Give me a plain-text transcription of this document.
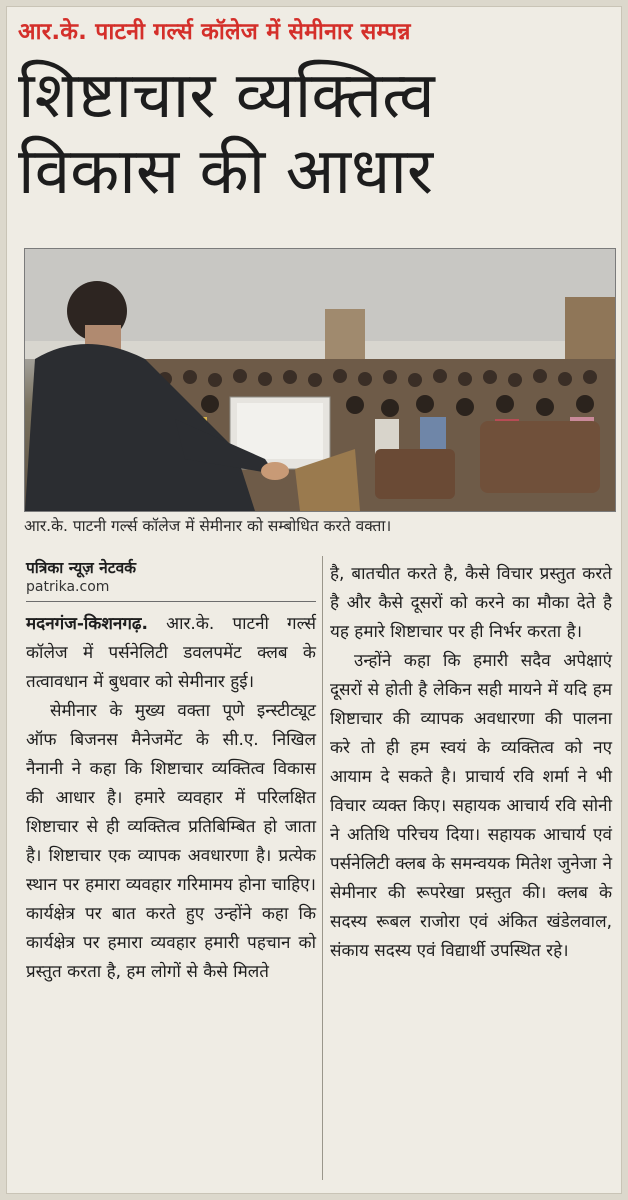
आर.के. पाटनी गर्ल्स कॉलेज में सेमीनार सम्पन्न
शिष्टाचार व्यक्तित्व
विकास की आधार
आर.के. पाटनी गर्ल्स कॉलेज में सेमीनार को सम्बोधित करते वक्ता।
पत्रिका न्यूज़ नेटवर्क
patrika.com
मदनगंज-किशनगढ़. आर.के. पाटनी गर्ल्स कॉलेज में पर्सनेलिटी डवलपमेंट क्लब के तत्वावधान में बुधवार को सेमीनार हुई।
सेमीनार के मुख्य वक्ता पूणे इन्स्टीट्यूट ऑफ बिजनस मैनेजमेंट के सी.ए. निखिल नैनानी ने कहा कि शिष्टाचार व्यक्तित्व विकास की आधार है। हमारे व्यवहार में परिलक्षित शिष्टाचार से ही व्यक्तित्व प्रतिबिम्बित हो जाता है। शिष्टाचार एक व्यापक अवधारणा है। प्रत्येक स्थान पर हमारा व्यवहार गरिमामय होना चाहिए। कार्यक्षेत्र पर बात करते हुए उन्होंने कहा कि कार्यक्षेत्र पर हमारा व्यवहार हमारी पहचान को प्रस्तुत करता है, हम लोगों से कैसे मिलते
है, बातचीत करते है, कैसे विचार प्रस्तुत करते है और कैसे दूसरों को करने का मौका देते है यह हमारे शिष्टाचार पर ही निर्भर करता है।
उन्होंने कहा कि हमारी सदैव अपेक्षाएं दूसरों से होती है लेकिन सही मायने में यदि हम शिष्टाचार की व्यापक अवधारणा की पालना करे तो ही हम स्वयं के व्यक्तित्व को नए आयाम दे सकते है। प्राचार्य रवि शर्मा ने भी विचार व्यक्त किए। सहायक आचार्य रवि सोनी ने अतिथि परिचय दिया। सहायक आचार्य एवं पर्सनेलिटी क्लब के समन्वयक मितेश जुनेजा ने सेमीनार की रूपरेखा प्रस्तुत की। क्लब के सदस्य रूबल राजोरा एवं अंकित खंडेलवाल, संकाय सदस्य एवं विद्यार्थी उपस्थित रहे।
